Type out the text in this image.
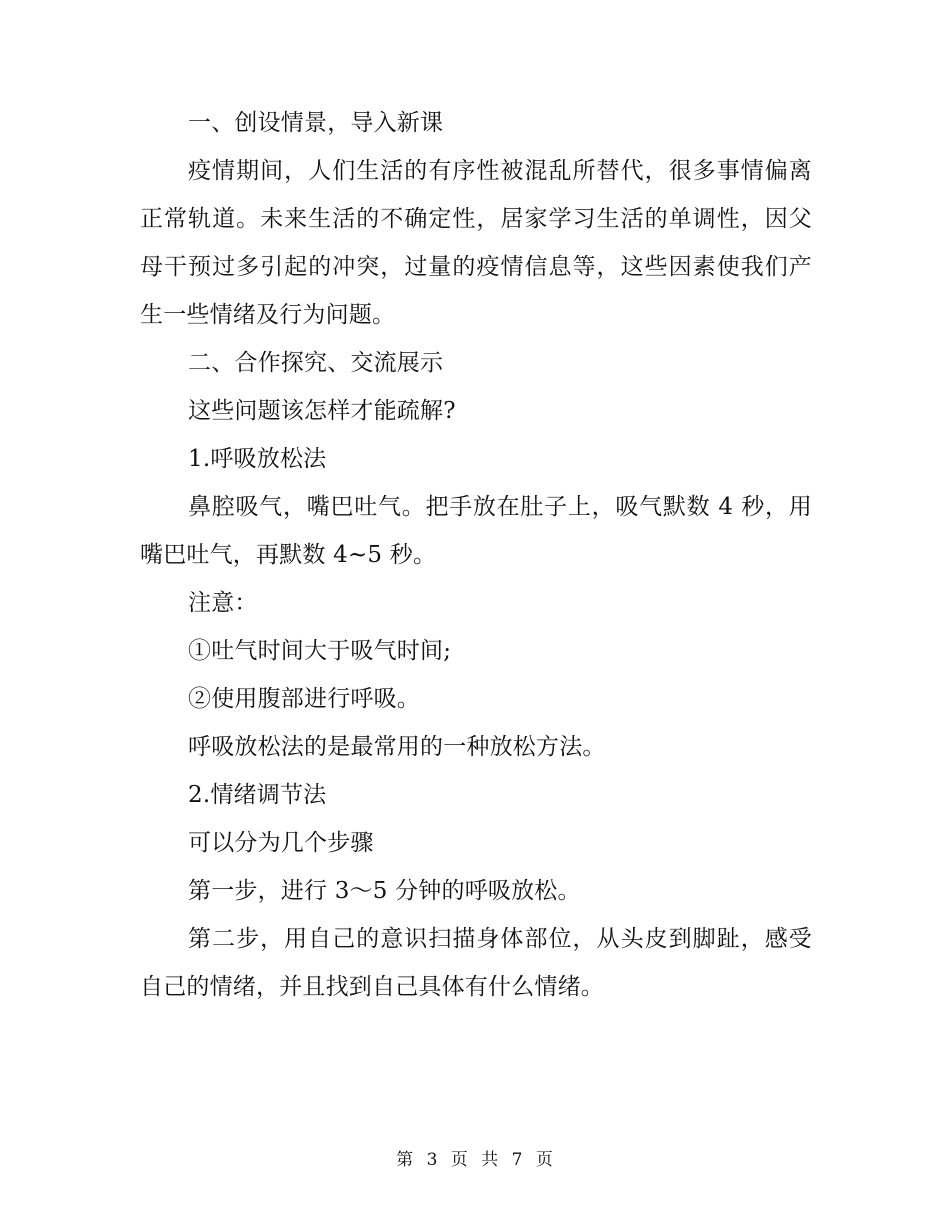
一、创设情景，导入新课

疫情期间，人们生活的有序性被混乱所替代，很多事情偏离正常轨道。未来生活的不确定性，居家学习生活的单调性，因父母干预过多引起的冲突，过量的疫情信息等，这些因素使我们产生一些情绪及行为问题。

二、合作探究、交流展示

这些问题该怎样才能疏解?

1.呼吸放松法

鼻腔吸气，嘴巴吐气。把手放在肚子上，吸气默数 4 秒，用嘴巴吐气，再默数 4~5 秒。

注意：

①吐气时间大于吸气时间;

②使用腹部进行呼吸。

呼吸放松法的是最常用的一种放松方法。

2.情绪调节法

可以分为几个步骤

第一步，进行 3～5 分钟的呼吸放松。

第二步，用自己的意识扫描身体部位，从头皮到脚趾，感受自己的情绪，并且找到自己具体有什么情绪。

第 3 页 共 7 页
